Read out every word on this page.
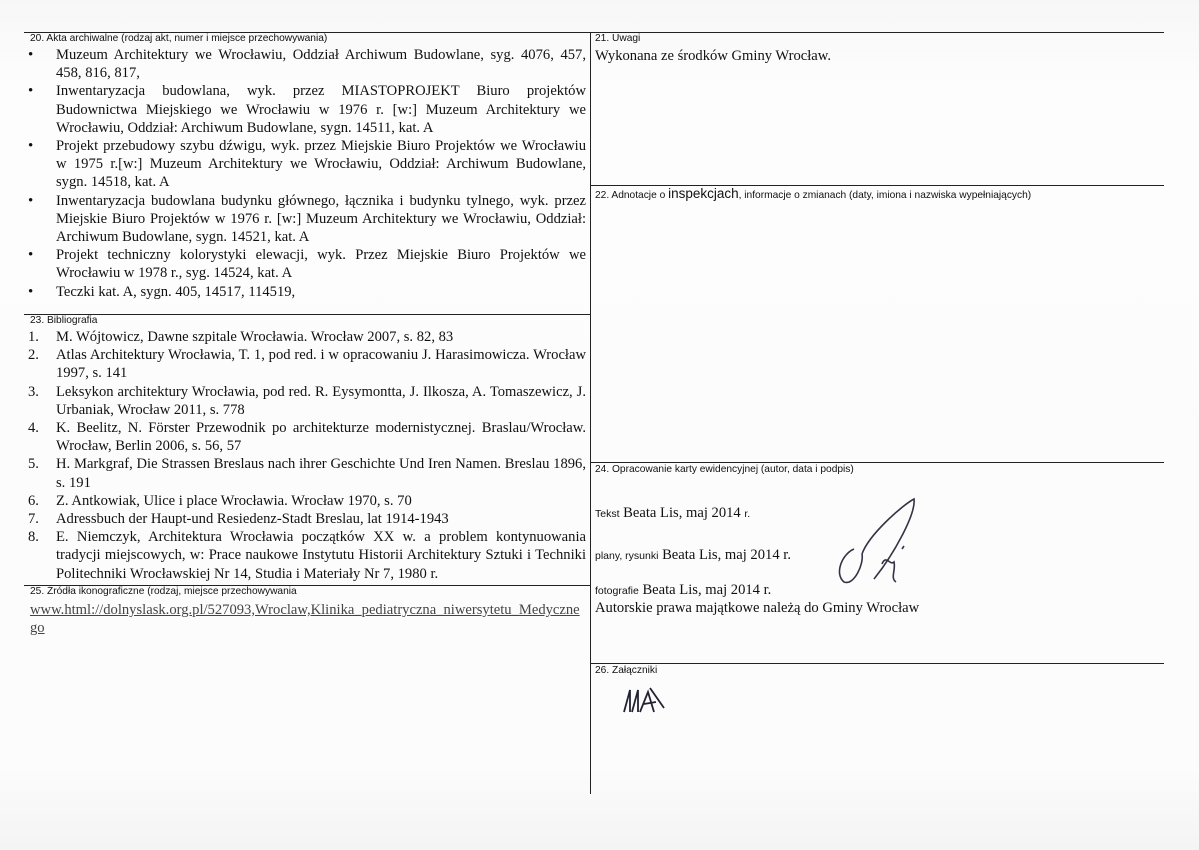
20. Akta archiwalne (rodzaj akt, numer i miejsce przechowywania)
• Muzeum Architektury we Wrocławiu, Oddział Archiwum Budowlane, syg. 4076, 457, 458, 816, 817,
• Inwentaryzacja budowlana, wyk. przez MIASTOPROJEKT Biuro projektów Budownictwa Miejskiego we Wrocławiu w 1976 r. [w:] Muzeum Architektury we Wrocławiu, Oddział: Archiwum Budowlane, sygn. 14511, kat. A
• Projekt przebudowy szybu dźwigu, wyk. przez Miejskie Biuro Projektów we Wrocławiu w 1975 r.[w:] Muzeum Architektury we Wrocławiu, Oddział: Archiwum Budowlane, sygn. 14518, kat. A
• Inwentaryzacja budowlana budynku głównego, łącznika i budynku tylnego, wyk. przez Miejskie Biuro Projektów w 1976 r. [w:] Muzeum Architektury we Wrocławiu, Oddział: Archiwum Budowlane, sygn. 14521, kat. A
• Projekt techniczny kolorystyki elewacji, wyk. Przez Miejskie Biuro Projektów we Wrocławiu w 1978 r., syg. 14524, kat. A
• Teczki kat. A, sygn. 405, 14517, 114519,
23. Bibliografia
1. M. Wójtowicz, Dawne szpitale Wrocławia. Wrocław 2007, s. 82, 83
2. Atlas Architektury Wrocławia, T. 1, pod red. i w opracowaniu J. Harasimowicza. Wrocław 1997, s. 141
3. Leksykon architektury Wrocławia, pod red. R. Eysymontta, J. Ilkosza, A. Tomaszewicz, J. Urbaniak, Wrocław 2011, s. 778
4. K. Beelitz, N. Förster Przewodnik po architekturze modernistycznej. Braslau/Wrocław. Wrocław, Berlin 2006, s. 56, 57
5. H. Markgraf, Die Strassen Breslaus nach ihrer Geschichte Und Iren Namen. Breslau 1896, s. 191
6. Z. Antkowiak, Ulice i place Wrocławia. Wrocław 1970, s. 70
7. Adressbuch der Haupt-und Resiedenz-Stadt Breslau, lat 1914-1943
8. E. Niemczyk, Architektura Wrocławia początków XX w. a problem kontynuowania tradycji miejscowych, w: Prace naukowe Instytutu Historii Architektury Sztuki i Techniki Politechniki Wrocławskiej Nr 14, Studia i Materiały Nr 7, 1980 r.
25. Źródła ikonograficzne (rodzaj, miejsce przechowywania
www.html://dolnyslask.org.pl/527093,Wroclaw,Klinika_pediatryczna_niwersytetu_Medycznego
21. Uwagi
Wykonana ze środków Gminy Wrocław.
22. Adnotacje o inspekcjach, informacje o zmianach (daty, imiona i nazwiska wypełniających)
24. Opracowanie karty ewidencyjnej (autor, data i podpis)
Tekst Beata Lis, maj 2014 r.
plany, rysunki Beata Lis, maj 2014 r.
fotografie Beata Lis, maj 2014 r.
Autorskie prawa majątkowe należą do Gminy Wrocław
26. Załączniki
